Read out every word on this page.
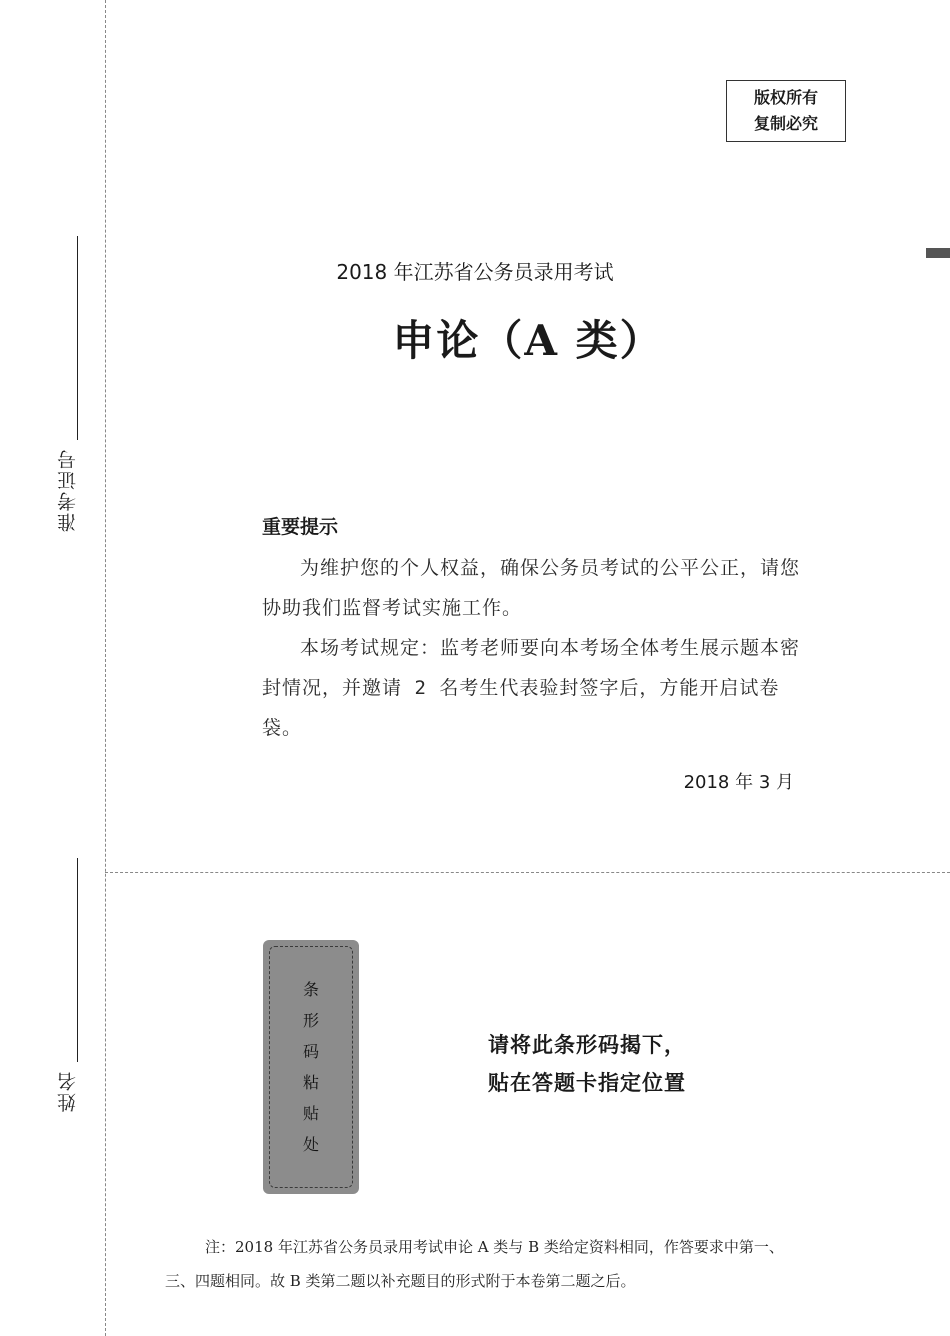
准考证号
姓名
版权所有
复制必究
2018 年江苏省公务员录用考试
申论（A 类）
重要提示

为维护您的个人权益，确保公务员考试的公平公正，请您协助我们监督考试实施工作。

本场考试规定：监考老师要向本考场全体考生展示题本密封情况，并邀请 2 名考生代表验封签字后，方能开启试卷袋。

2018 年 3 月
条
形
码
粘
贴
处
请将此条形码揭下，
贴在答题卡指定位置
注：2018 年江苏省公务员录用考试申论 A 类与 B 类给定资料相同，作答要求中第一、
三、四题相同。故 B 类第二题以补充题目的形式附于本卷第二题之后。
